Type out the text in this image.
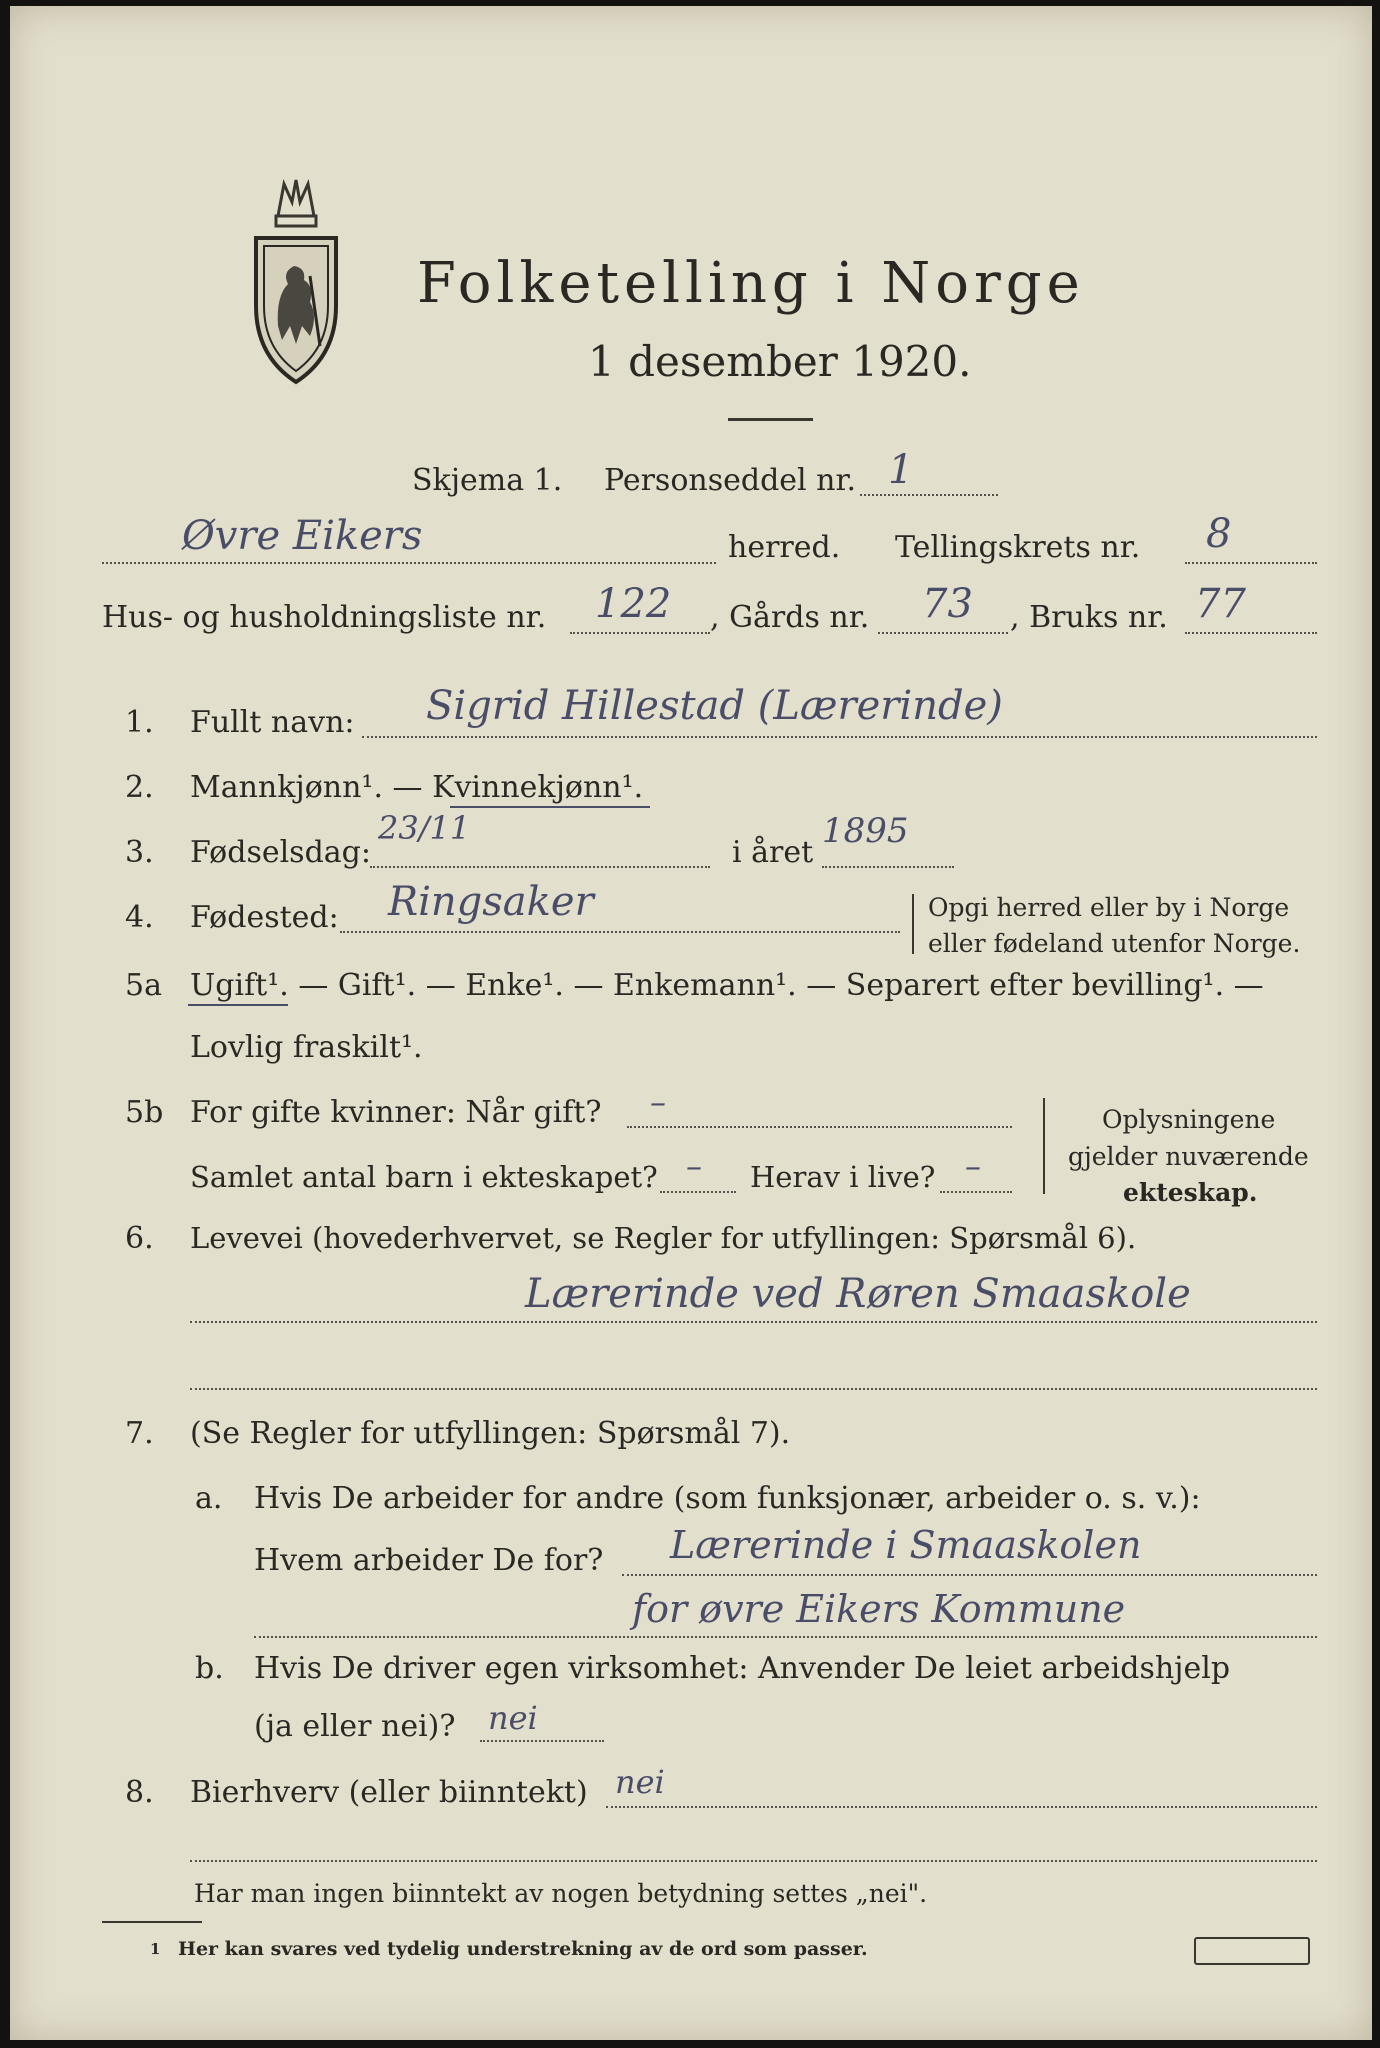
Folketelling i Norge
1 desember 1920.
Skjema 1. Personseddel nr. 1
Øvre Eikers	herred. Tellingskrets nr. 8
Hus- og husholdningsliste nr. 122 , Gårds nr. 73 , Bruks nr. 77
1. Fullt navn: Sigrid Hillestad (Lærerinde)
2. Mannkjønn¹. — Kvinnekjønn¹.
3. Fødselsdag:
23/11
i året
1895
4. Fødested: Ringsaker	Opgi herred eller by i Norge
eller fødeland utenfor Norge.
5a Ugift¹. — Gift¹. — Enke¹. — Enkemann¹. — Separert efter bevilling¹. —
Lovlig fraskilt¹.
5b For gifte kvinner: Når gift? –
Samlet antal barn i ekteskapet? – Herav i live? –
Oplysningene
gjelder nuværende
ekteskap.
6. Levevei (hovederhvervet, se Regler for utfyllingen: Spørsmål 6).
Lærerinde ved Røren Smaaskole
7. (Se Regler for utfyllingen: Spørsmål 7).
a. Hvis De arbeider for andre (som funksjonær, arbeider o. s. v.):
Hvem arbeider De for? Lærerinde i Smaaskolen
for øvre Eikers Kommune
b. Hvis De driver egen virksomhet: Anvender De leiet arbeidshjelp
(ja eller nei)? nei
8. Bierhverv (eller biinntekt) nei
Har man ingen biinntekt av nogen betydning settes „nei".
1 Her kan svares ved tydelig understrekning av de ord som passer.
